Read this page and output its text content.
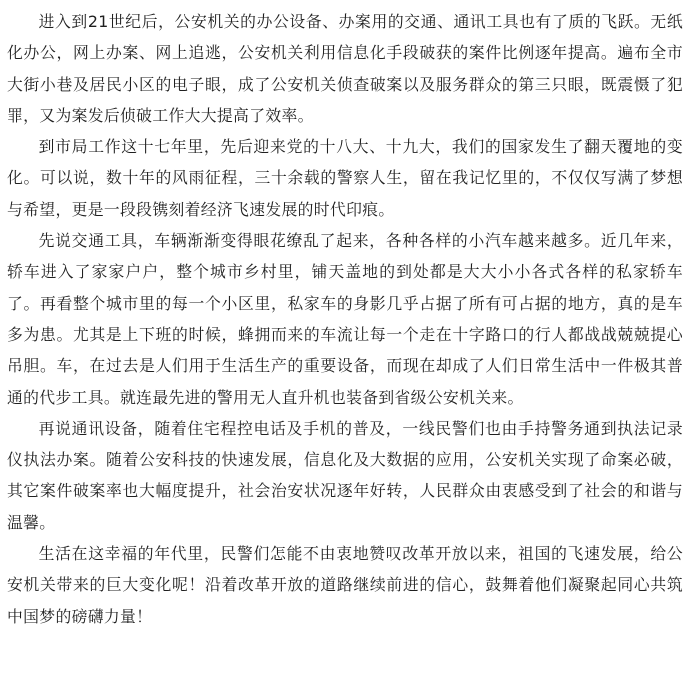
进入到21世纪后，公安机关的办公设备、办案用的交通、通讯工具也有了质的飞跃。无纸化办公，网上办案、网上追逃，公安机关利用信息化手段破获的案件比例逐年提高。遍布全市大街小巷及居民小区的电子眼，成了公安机关侦查破案以及服务群众的第三只眼，既震慑了犯罪，又为案发后侦破工作大大提高了效率。

到市局工作这十七年里，先后迎来党的十八大、十九大，我们的国家发生了翻天覆地的变化。可以说，数十年的风雨征程，三十余载的警察人生，留在我记忆里的，不仅仅写满了梦想与希望，更是一段段镌刻着经济飞速发展的时代印痕。

先说交通工具，车辆渐渐变得眼花缭乱了起来，各种各样的小汽车越来越多。近几年来，轿车进入了家家户户，整个城市乡村里，铺天盖地的到处都是大大小小各式各样的私家轿车了。再看整个城市里的每一个小区里，私家车的身影几乎占据了所有可占据的地方，真的是车多为患。尤其是上下班的时候，蜂拥而来的车流让每一个走在十字路口的行人都战战兢兢提心吊胆。车，在过去是人们用于生活生产的重要设备，而现在却成了人们日常生活中一件极其普通的代步工具。就连最先进的警用无人直升机也装备到省级公安机关来。

再说通讯设备，随着住宅程控电话及手机的普及，一线民警们也由手持警务通到执法记录仪执法办案。随着公安科技的快速发展，信息化及大数据的应用，公安机关实现了命案必破，其它案件破案率也大幅度提升，社会治安状况逐年好转，人民群众由衷感受到了社会的和谐与温馨。

生活在这幸福的年代里，民警们怎能不由衷地赞叹改革开放以来，祖国的飞速发展，给公安机关带来的巨大变化呢！沿着改革开放的道路继续前进的信心，鼓舞着他们凝聚起同心共筑中国梦的磅礴力量！
